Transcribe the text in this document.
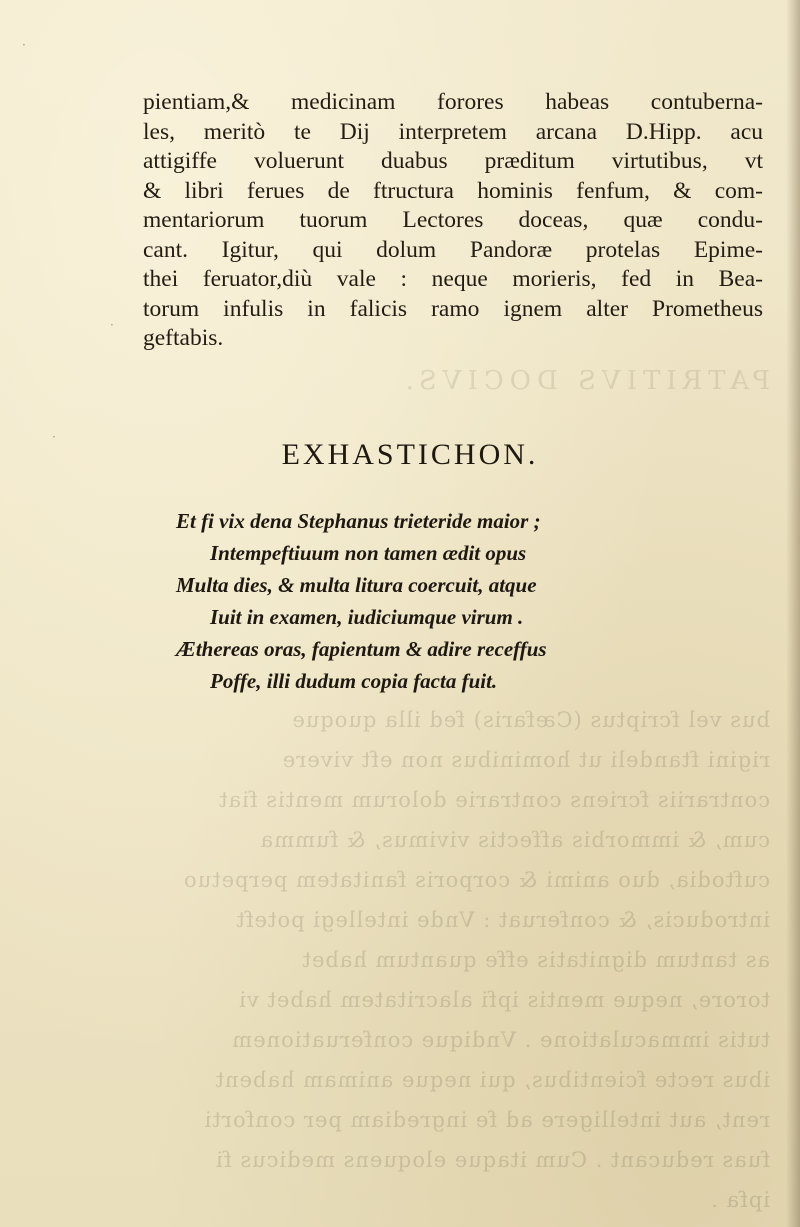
PATRITIVS DOCIVS.
bus vel fcriptus (Cæfaris) fed illa quoque
rigini ftandeli ut hominibus non eft vivere
contrariis fcriens contrarie dolorum mentis fiat
cum, & immorbis affectis vivimus, & fumma
cuftodia, duo animi & corporis fanitatem perpetuo
introducis, & conferuat : Vnde intellegi poteft
as tantum dignitatis effe quantum habet
torore, neque mentis ipfi alacritatem habet vi
tutis immaculatione . Vndique conferuationem
ibus recte fcientibus, qui neque animam habent
rent, aut intelligere ad fe ingrediam per conforti
fuas reducant . Cum itaque eloquens medicus fi
ipfa .
pientiam,& medicinam forores habeas contuberna-
les, meritò te Dij interpretem arcana D.Hipp. acu
attigiffe voluerunt duabus præditum virtutibus, vt
& libri ferues de ftructura hominis fenfum, & com-
mentariorum tuorum Lectores doceas, quæ condu-
cant. Igitur, qui dolum Pandoræ protelas Epime-
thei feruator,diù vale : neque morieris, fed in Bea-
torum infulis in falicis ramo ignem alter Prometheus
geftabis.
EXHASTICHON.
Et fi vix dena Stephanus trieteride maior ;
Intempeftiuum non tamen ædit opus
Multa dies, & multa litura coercuit, atque
Iuit in examen, iudiciumque virum .
Æthereas oras, fapientum & adire receffus
Poffe, illi dudum copia facta fuit.
·
·
·
